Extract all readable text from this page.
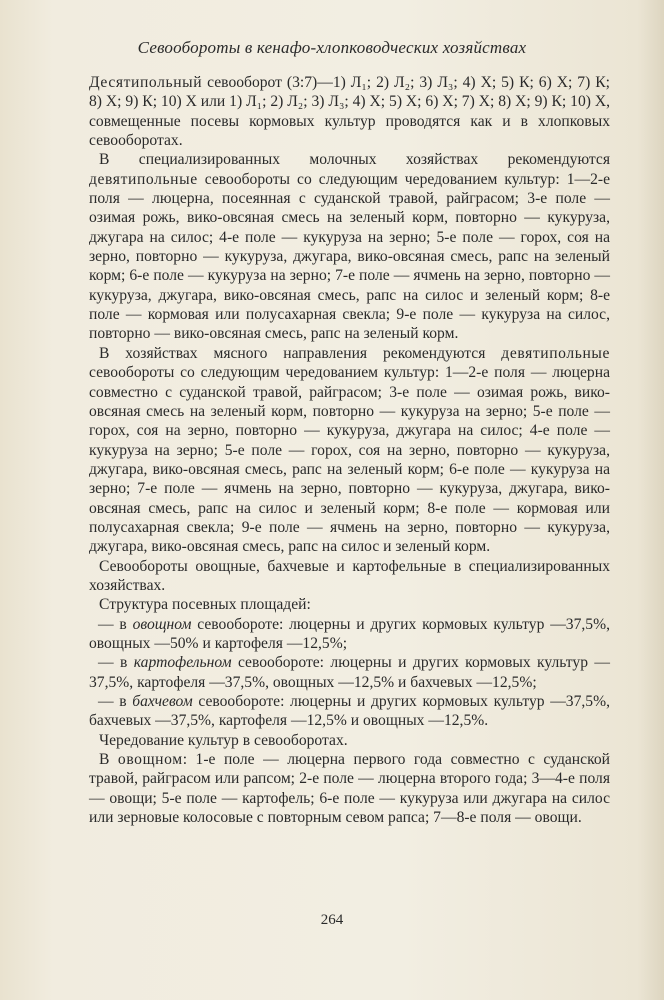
Севообороты в кенафо-хлопководческих хозяйствах

Десятипольный севооборот (3:7)—1) Л₁; 2) Л₂; 3) Л₃; 4) Х; 5) К; 6) Х; 7) К; 8) Х; 9) К; 10) Х или 1) Л₁; 2) Л₂; 3) Л₃; 4) Х; 5) Х; 6) Х; 7) Х; 8) Х; 9) К; 10) Х, совмещенные посевы кормовых культур проводятся как и в хлопковых севооборотах.

В специализированных молочных хозяйствах рекомендуются девятипольные севообороты со следующим чередованием культур: 1—2-е поля — люцерна, посеянная с суданской травой, райграсом; 3-е поле — озимая рожь, вико-овсяная смесь на зеленый корм, повторно — кукуруза, джугара на силос; 4-е поле — кукуруза на зерно; 5-е поле — горох, соя на зерно, повторно — кукуруза, джугара, вико-овсяная смесь, рапс на зеленый корм; 6-е поле — кукуруза на зерно; 7-е поле — ячмень на зерно, повторно — кукуруза, джугара, вико-овсяная смесь, рапс на силос и зеленый корм; 8-е поле — кормовая или полусахарная свекла; 9-е поле — кукуруза на силос, повторно — вико-овсяная смесь, рапс на зеленый корм.

В хозяйствах мясного направления рекомендуются девятипольные севообороты со следующим чередованием культур: 1—2-е поля — люцерна совместно с суданской травой, райграсом; 3-е поле — озимая рожь, вико-овсяная смесь на зеленый корм, повторно — кукуруза на зерно; 5-е поле — горох, соя на зерно, повторно — кукуруза, джугара на силос; 4-е поле — кукуруза на зерно; 5-е поле — горох, соя на зерно, повторно — кукуруза, джугара, вико-овсяная смесь, рапс на зеленый корм; 6-е поле — кукуруза на зерно; 7-е поле — ячмень на зерно, повторно — кукуруза, джугара, вико-овсяная смесь, рапс на силос и зеленый корм; 8-е поле — кормовая или полусахарная свекла; 9-е поле — ячмень на зерно, повторно — кукуруза, джугара, вико-овсяная смесь, рапс на силос и зеленый корм.

Севообороты овощные, бахчевые и картофельные в специализированных хозяйствах.

Структура посевных площадей:

— в овощном севообороте: люцерны и других кормовых культур —37,5%, овощных —50% и картофеля —12,5%;

— в картофельном севообороте: люцерны и других кормовых культур —37,5%, картофеля —37,5%, овощных —12,5% и бахчевых —12,5%;

— в бахчевом севообороте: люцерны и других кормовых культур —37,5%, бахчевых —37,5%, картофеля —12,5% и овощных —12,5%.

Чередование культур в севооборотах.

В овощном: 1-е поле — люцерна первого года совместно с суданской травой, райграсом или рапсом; 2-е поле — люцерна второго года; 3—4-е поля — овощи; 5-е поле — картофель; 6-е поле — кукуруза или джугара на силос или зерновые колосовые с повторным севом рапса; 7—8-е поля — овощи.

264
